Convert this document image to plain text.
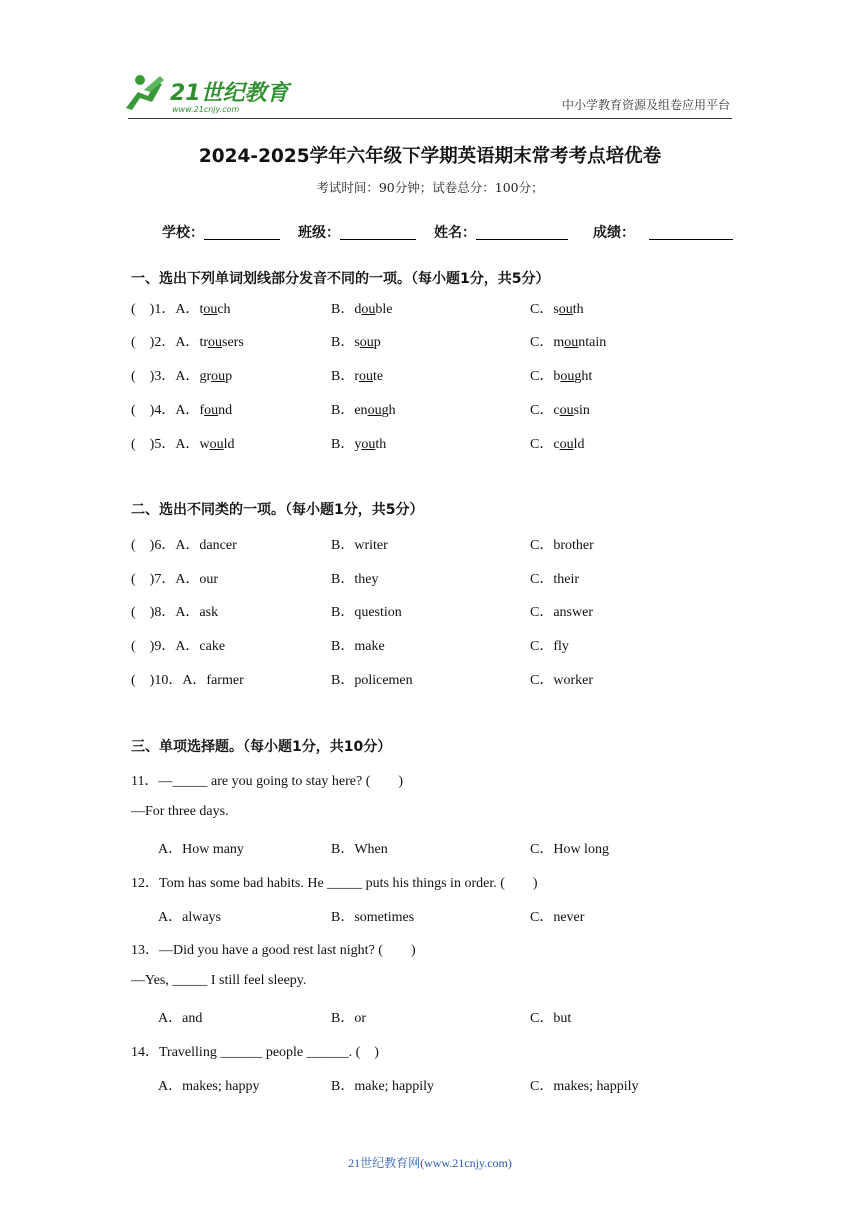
21世纪教育
www.21cnjy.com	中小学教育资源及组卷应用平台
2024-2025学年六年级下学期英语期末常考考点培优卷
考试时间：90分钟；试卷总分：100分；
学校：	班级：	姓名：	成绩：
一、选出下列单词划线部分发音不同的一项。（每小题1分，共5分）
(　)1．A．touch	B．double	C．south
(　)2．A．trousers	B．soup	C．mountain
(　)3．A．group	B．route	C．bought
(　)4．A．found	B．enough	C．cousin
(　)5．A．would	B．youth	C．could
二、选出不同类的一项。（每小题1分，共5分）
(　)6．A．dancer	B．writer	C．brother
(　)7．A．our	B．they	C．their
(　)8．A．ask	B．question	C．answer
(　)9．A．cake	B．make	C．fly
(　)10．A．farmer	B．policemen	C．worker
三、单项选择题。（每小题1分，共10分）
11．—_____ are you going to stay here? (　　)
—For three days.
A．How many	B．When	C．How long
12．Tom has some bad habits. He _____ puts his things in order. (　　)
A．always	B．sometimes	C．never
13．—Did you have a good rest last night? (　　)
—Yes, _____ I still feel sleepy.
A．and	B．or	C．but
14．Travelling ______ people ______. (　)
A．makes; happy	B．make; happily	C．makes; happily
21世纪教育网(www.21cnjy.com)
